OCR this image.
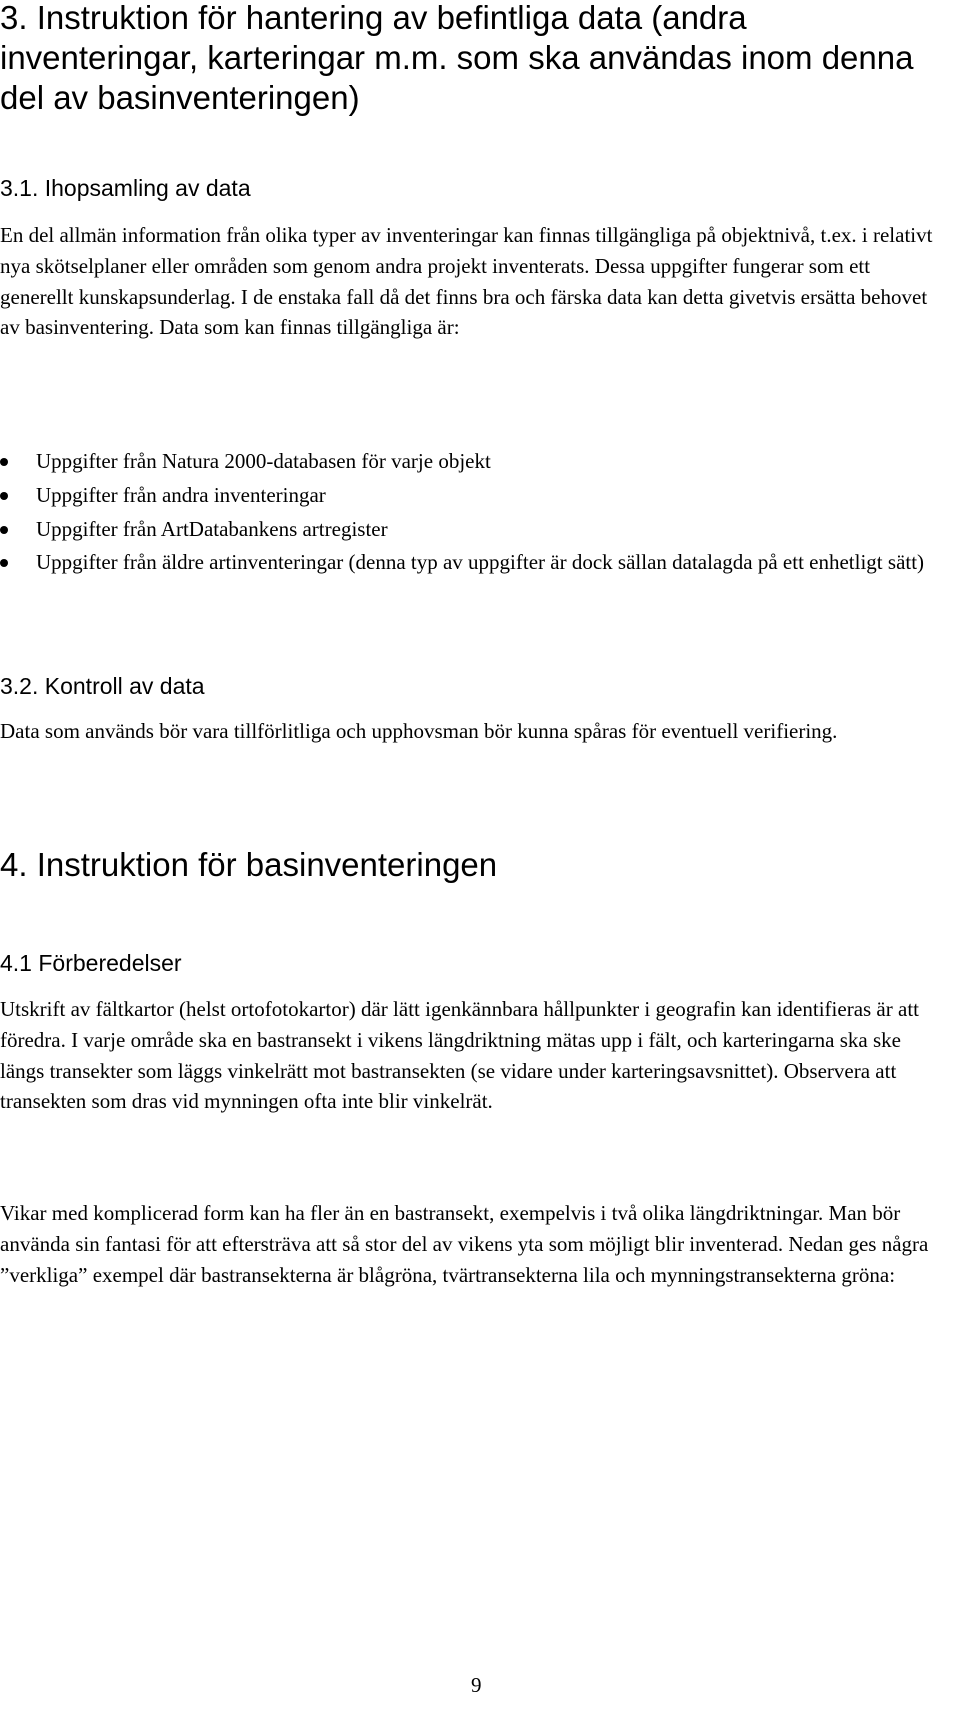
3. Instruktion för hantering av befintliga data (andra inventeringar, karteringar m.m. som ska användas inom denna del av basinventeringen)
3.1. Ihopsamling av data

En del allmän information från olika typer av inventeringar kan finnas tillgängliga på objektnivå, t.ex. i relativt nya skötselplaner eller områden som genom andra projekt inventerats. Dessa uppgifter fungerar som ett generellt kunskapsunderlag. I de enstaka fall då det finns bra och färska data kan detta givetvis ersätta behovet av basinventering. Data som kan finnas tillgängliga är:

Uppgifter från Natura 2000-databasen för varje objekt
Uppgifter från andra inventeringar
Uppgifter från ArtDatabankens artregister
Uppgifter från äldre artinventeringar (denna typ av uppgifter är dock sällan datalagda på ett enhetligt sätt)
3.2. Kontroll av data

Data som används bör vara tillförlitliga och upphovsman bör kunna spåras för eventuell verifiering.

4. Instruktion för basinventeringen
4.1 Förberedelser

Utskrift av fältkartor (helst ortofotokartor) där lätt igenkännbara hållpunkter i geografin kan identifieras är att föredra. I varje område ska en bastransekt i vikens längdriktning mätas upp i fält, och karteringarna ska ske längs transekter som läggs vinkelrätt mot bastransekten (se vidare under karteringsavsnittet). Observera att transekten som dras vid mynningen ofta inte blir vinkelrät.

Vikar med komplicerad form kan ha fler än en bastransekt, exempelvis i två olika längdriktningar. Man bör använda sin fantasi för att eftersträva att så stor del av vikens yta som möjligt blir inventerad. Nedan ges några ”verkliga” exempel där bastransekterna är blågröna, tvärtransekterna lila och mynningstransekterna gröna:

9
